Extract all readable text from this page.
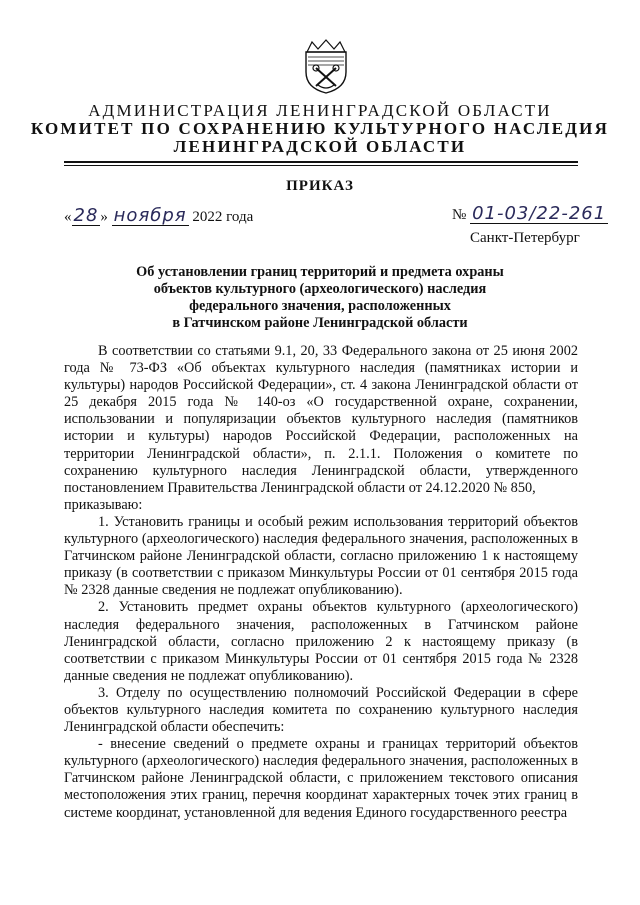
АДМИНИСТРАЦИЯ ЛЕНИНГРАДСКОЙ ОБЛАСТИ
КОМИТЕТ ПО СОХРАНЕНИЮ КУЛЬТУРНОГО НАСЛЕДИЯ
ЛЕНИНГРАДСКОЙ ОБЛАСТИ
ПРИКАЗ
« 28 » ноября 2022 года	№ 01-03/22-261
Санкт-Петербург
Об установлении границ территорий и предмета охраны
объектов культурного (археологического) наследия
федерального значения, расположенных
в Гатчинском районе Ленинградской области

В соответствии со статьями 9.1, 20, 33 Федерального закона от 25 июня 2002 года № 73-ФЗ «Об объектах культурного наследия (памятниках истории и культуры) народов Российской Федерации», ст. 4 закона Ленинградской области от 25 декабря 2015 года № 140-оз «О государственной охране, сохранении, использовании и популяризации объектов культурного наследия (памятников истории и культуры) народов Российской Федерации, расположенных на территории Ленинградской области», п. 2.1.1. Положения о комитете по сохранению культурного наследия Ленинградской области, утвержденного постановлением Правительства Ленинградской области от 24.12.2020 № 850,

приказываю:

1. Установить границы и особый режим использования территорий объектов культурного (археологического) наследия федерального значения, расположенных в Гатчинском районе Ленинградской области, согласно приложению 1 к настоящему приказу (в соответствии с приказом Минкультуры России от 01 сентября 2015 года № 2328 данные сведения не подлежат опубликованию).

2. Установить предмет охраны объектов культурного (археологического) наследия федерального значения, расположенных в Гатчинском районе Ленинградской области, согласно приложению 2 к настоящему приказу (в соответствии с приказом Минкультуры России от 01 сентября 2015 года № 2328 данные сведения не подлежат опубликованию).

3. Отделу по осуществлению полномочий Российской Федерации в сфере объектов культурного наследия комитета по сохранению культурного наследия Ленинградской области обеспечить:

- внесение сведений о предмете охраны и границах территорий объектов культурного (археологического) наследия федерального значения, расположенных в Гатчинском районе Ленинградской области, с приложением текстового описания местоположения этих границ, перечня координат характерных точек этих границ в системе координат, установленной для ведения Единого государственного реестра
